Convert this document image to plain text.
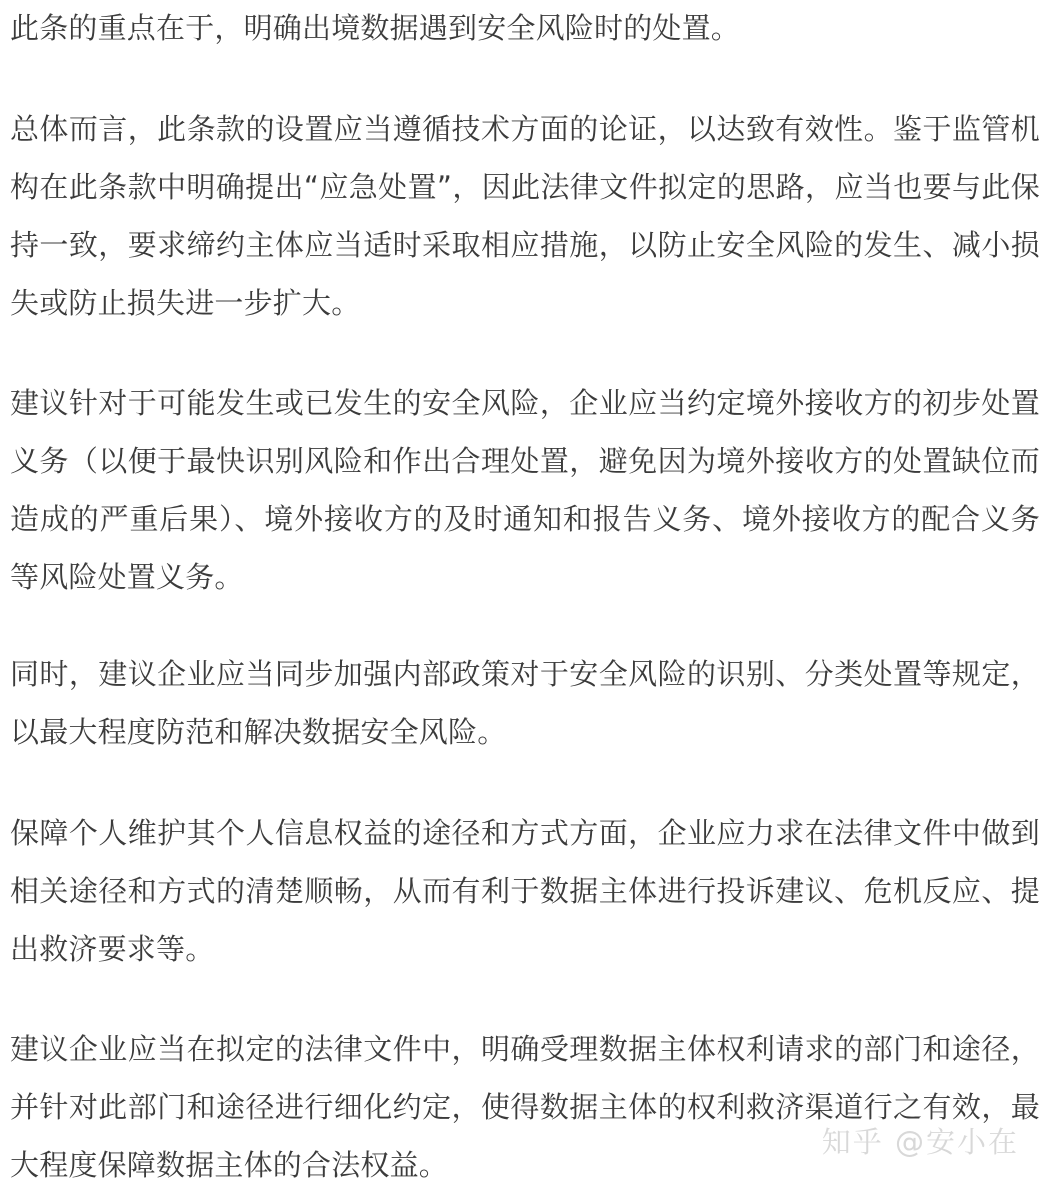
此条的重点在于，明确出境数据遇到安全风险时的处置。

总体而言，此条款的设置应当遵循技术方面的论证，以达致有效性。鉴于监管机构在此条款中明确提出“应急处置”，因此法律文件拟定的思路，应当也要与此保持一致，要求缔约主体应当适时采取相应措施，以防止安全风险的发生、减小损失或防止损失进一步扩大。

建议针对于可能发生或已发生的安全风险，企业应当约定境外接收方的初步处置义务（以便于最快识别风险和作出合理处置，避免因为境外接收方的处置缺位而造成的严重后果）、境外接收方的及时通知和报告义务、境外接收方的配合义务等风险处置义务。

同时，建议企业应当同步加强内部政策对于安全风险的识别、分类处置等规定，以最大程度防范和解决数据安全风险。

保障个人维护其个人信息权益的途径和方式方面，企业应力求在法律文件中做到相关途径和方式的清楚顺畅，从而有利于数据主体进行投诉建议、危机反应、提出救济要求等。

建议企业应当在拟定的法律文件中，明确受理数据主体权利请求的部门和途径，并针对此部门和途径进行细化约定，使得数据主体的权利救济渠道行之有效，最大程度保障数据主体的合法权益。

知乎 @安小在
